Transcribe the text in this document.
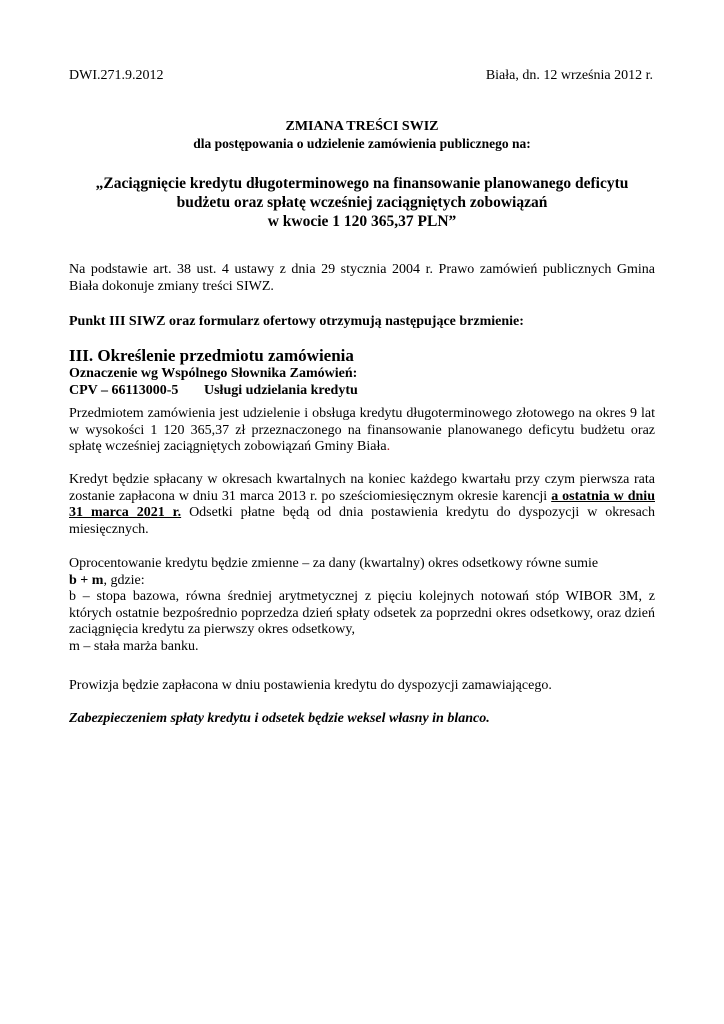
DWI.271.9.2012	Biała, dn. 12 września 2012 r.
ZMIANA TREŚCI SWIZ
dla postępowania o udzielenie zamówienia publicznego na:
„Zaciągnięcie kredytu długoterminowego na finansowanie planowanego deficytu
budżetu oraz spłatę wcześniej zaciągniętych zobowiązań
w kwocie 1 120 365,37 PLN”
Na podstawie art. 38 ust. 4 ustawy z dnia 29 stycznia 2004 r. Prawo zamówień publicznych Gmina Biała dokonuje zmiany treści SIWZ.
Punkt III SIWZ oraz formularz ofertowy otrzymują następujące brzmienie:
III. Określenie przedmiotu zamówienia
Oznaczenie wg Wspólnego Słownika Zamówień:
CPV – 66113000-5 Usługi udzielania kredytu
Przedmiotem zamówienia jest udzielenie i obsługa kredytu długoterminowego złotowego na okres 9 lat w wysokości 1 120 365,37 zł przeznaczonego na finansowanie planowanego deficytu budżetu oraz spłatę wcześniej zaciągniętych zobowiązań Gminy Biała.
Kredyt będzie spłacany w okresach kwartalnych na koniec każdego kwartału przy czym pierwsza rata zostanie zapłacona w dniu 31 marca 2013 r. po sześciomiesięcznym okresie karencji a ostatnia w dniu 31 marca 2021 r. Odsetki płatne będą od dnia postawienia kredytu do dyspozycji w okresach miesięcznych.
Oprocentowanie kredytu będzie zmienne – za dany (kwartalny) okres odsetkowy równe sumie
b + m, gdzie:
b – stopa bazowa, równa średniej arytmetycznej z pięciu kolejnych notowań stóp WIBOR 3M, z których ostatnie bezpośrednio poprzedza dzień spłaty odsetek za poprzedni okres odsetkowy, oraz dzień zaciągnięcia kredytu za pierwszy okres odsetkowy,
m – stała marża banku.
Prowizja będzie zapłacona w dniu postawienia kredytu do dyspozycji zamawiającego.
Zabezpieczeniem spłaty kredytu i odsetek będzie weksel własny in blanco.
